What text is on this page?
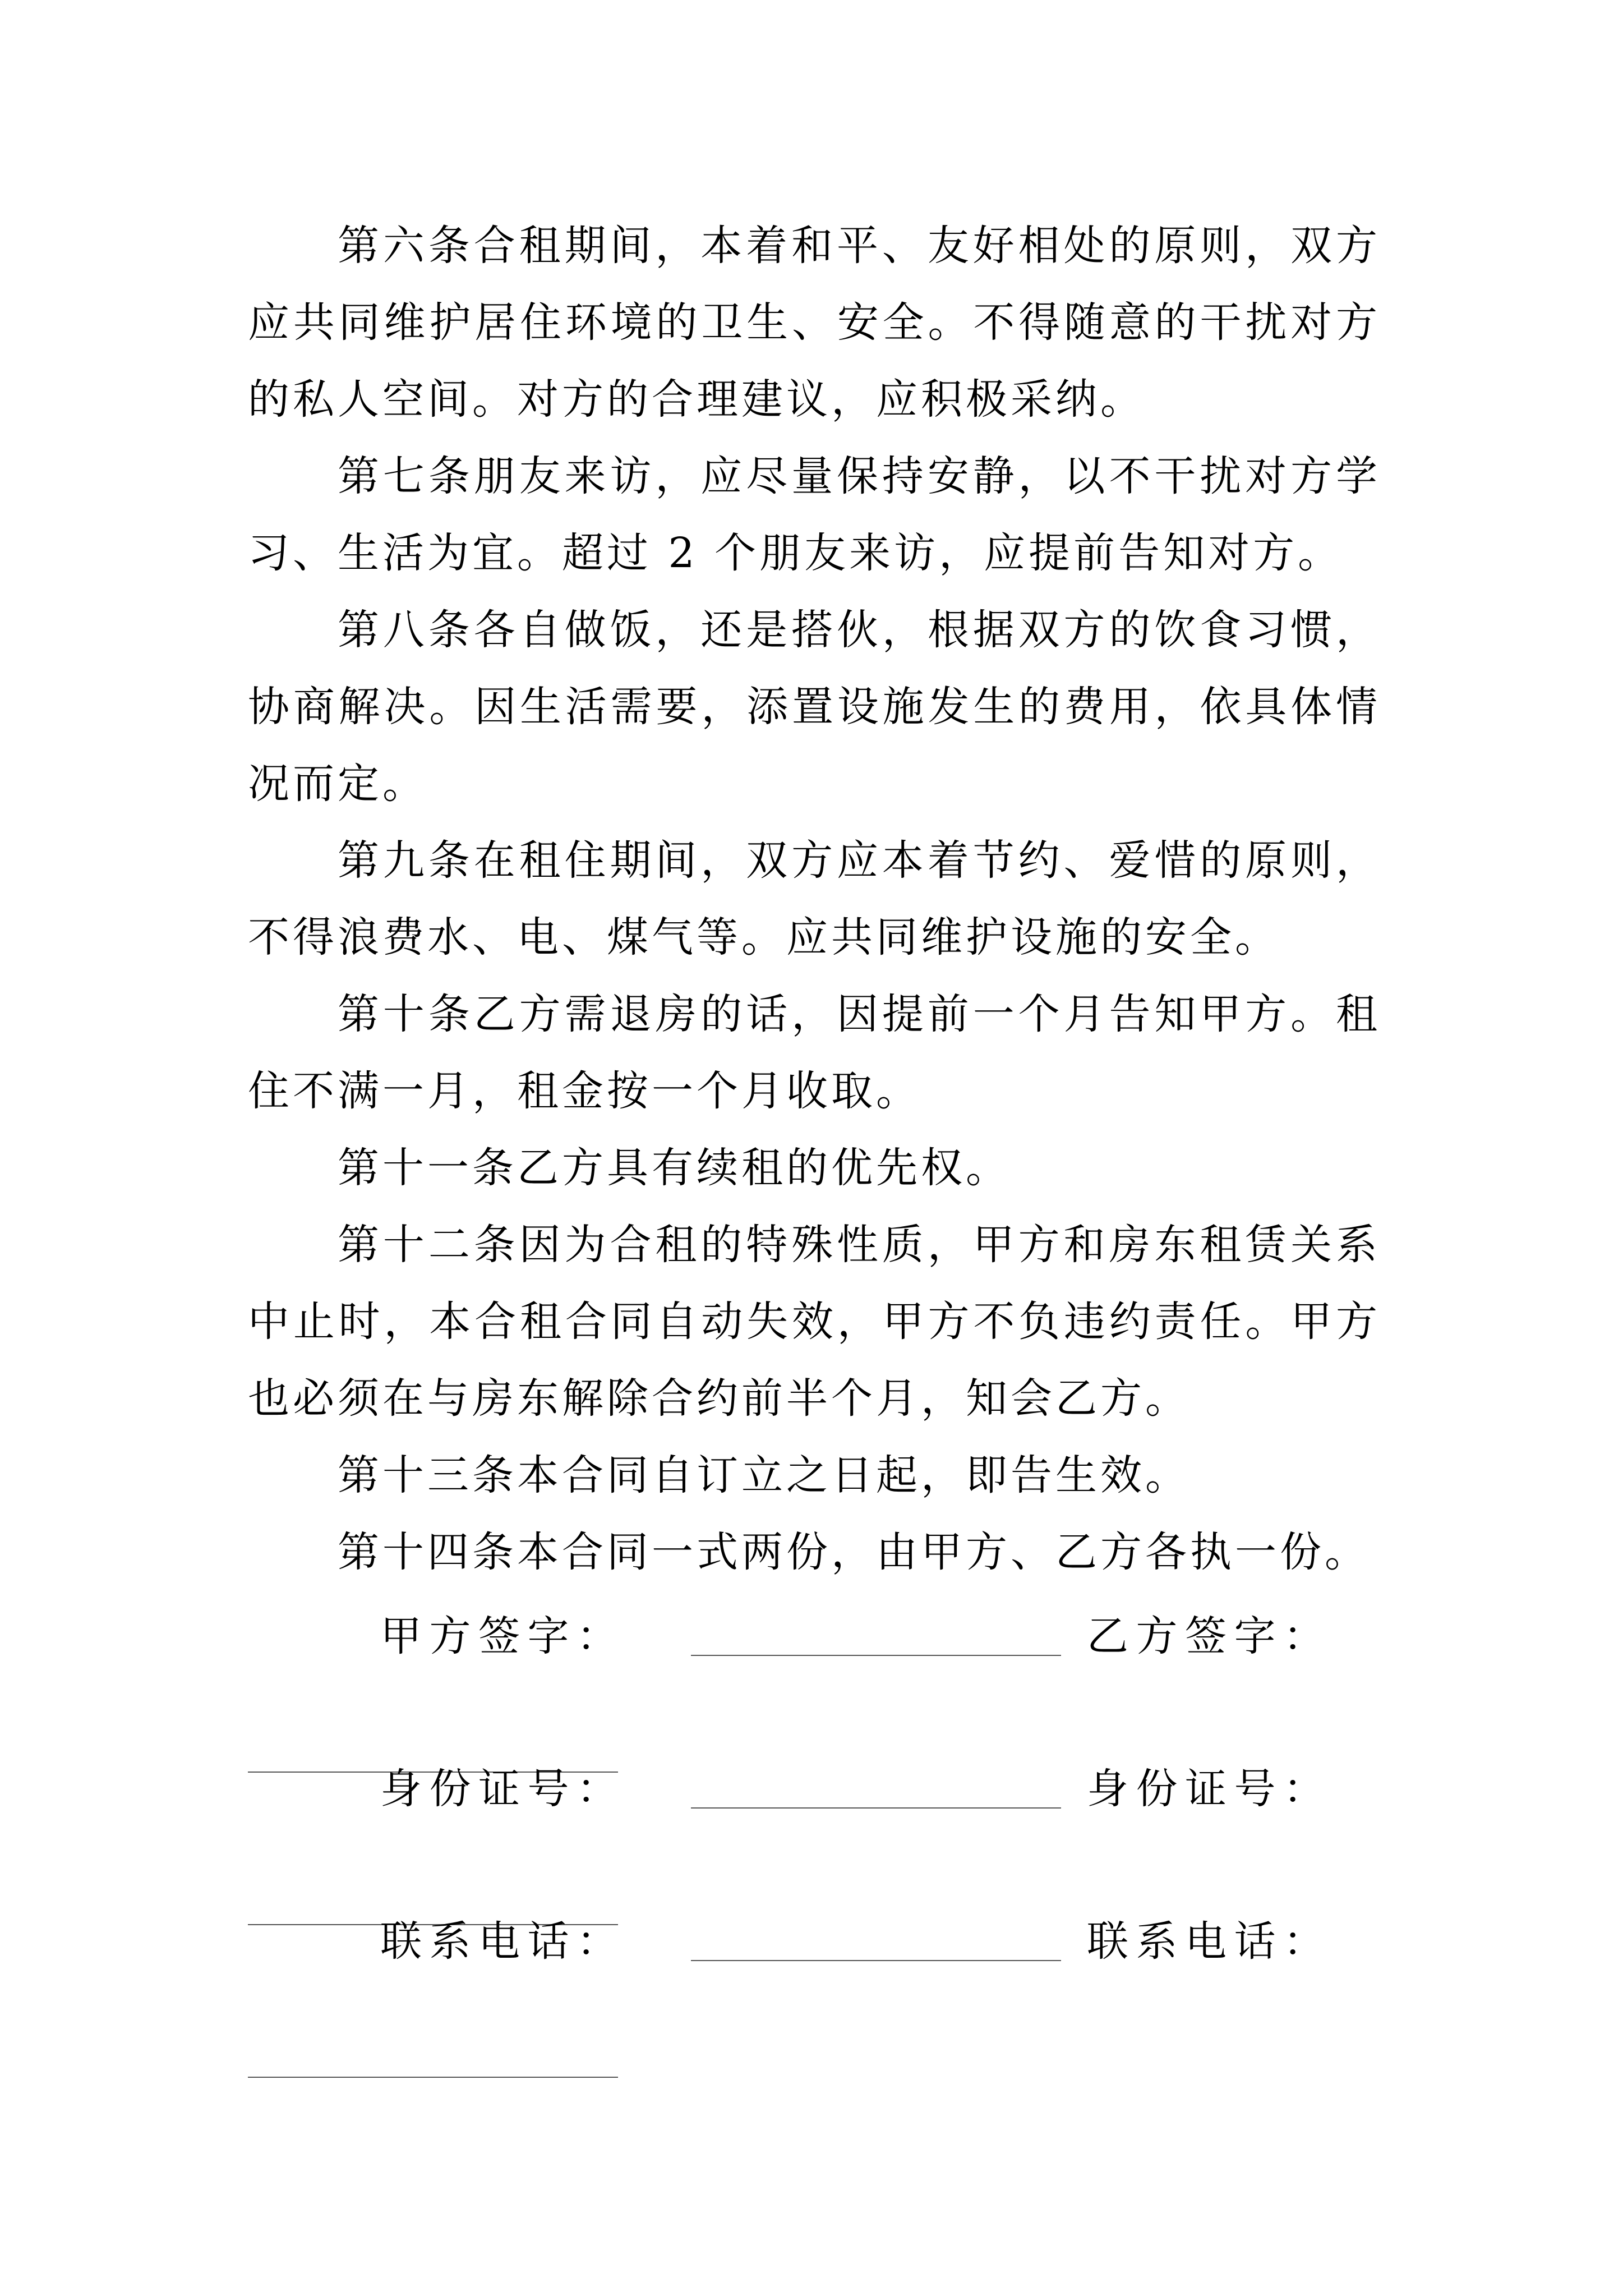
第六条合租期间，本着和平、友好相处的原则，双方应共同维护居住环境的卫生、安全。不得随意的干扰对方的私人空间。对方的合理建议，应积极采纳。

第七条朋友来访，应尽量保持安静，以不干扰对方学习、生活为宜。超过 2 个朋友来访，应提前告知对方。

第八条各自做饭，还是搭伙，根据双方的饮食习惯，协商解决。因生活需要，添置设施发生的费用，依具体情况而定。

第九条在租住期间，双方应本着节约、爱惜的原则，不得浪费水、电、煤气等。应共同维护设施的安全。

第十条乙方需退房的话，因提前一个月告知甲方。租住不满一月，租金按一个月收取。

第十一条乙方具有续租的优先权。

第十二条因为合租的特殊性质，甲方和房东租赁关系中止时，本合租合同自动失效，甲方不负违约责任。甲方也必须在与房东解除合约前半个月，知会乙方。

第十三条本合同自订立之日起，即告生效。

第十四条本合同一式两份，由甲方、乙方各执一份。

甲 方 签 字 ：	乙 方 签 字 ：
身 份 证 号 ：	身 份 证 号 ：
联 系 电 话 ：	联 系 电 话 ：
